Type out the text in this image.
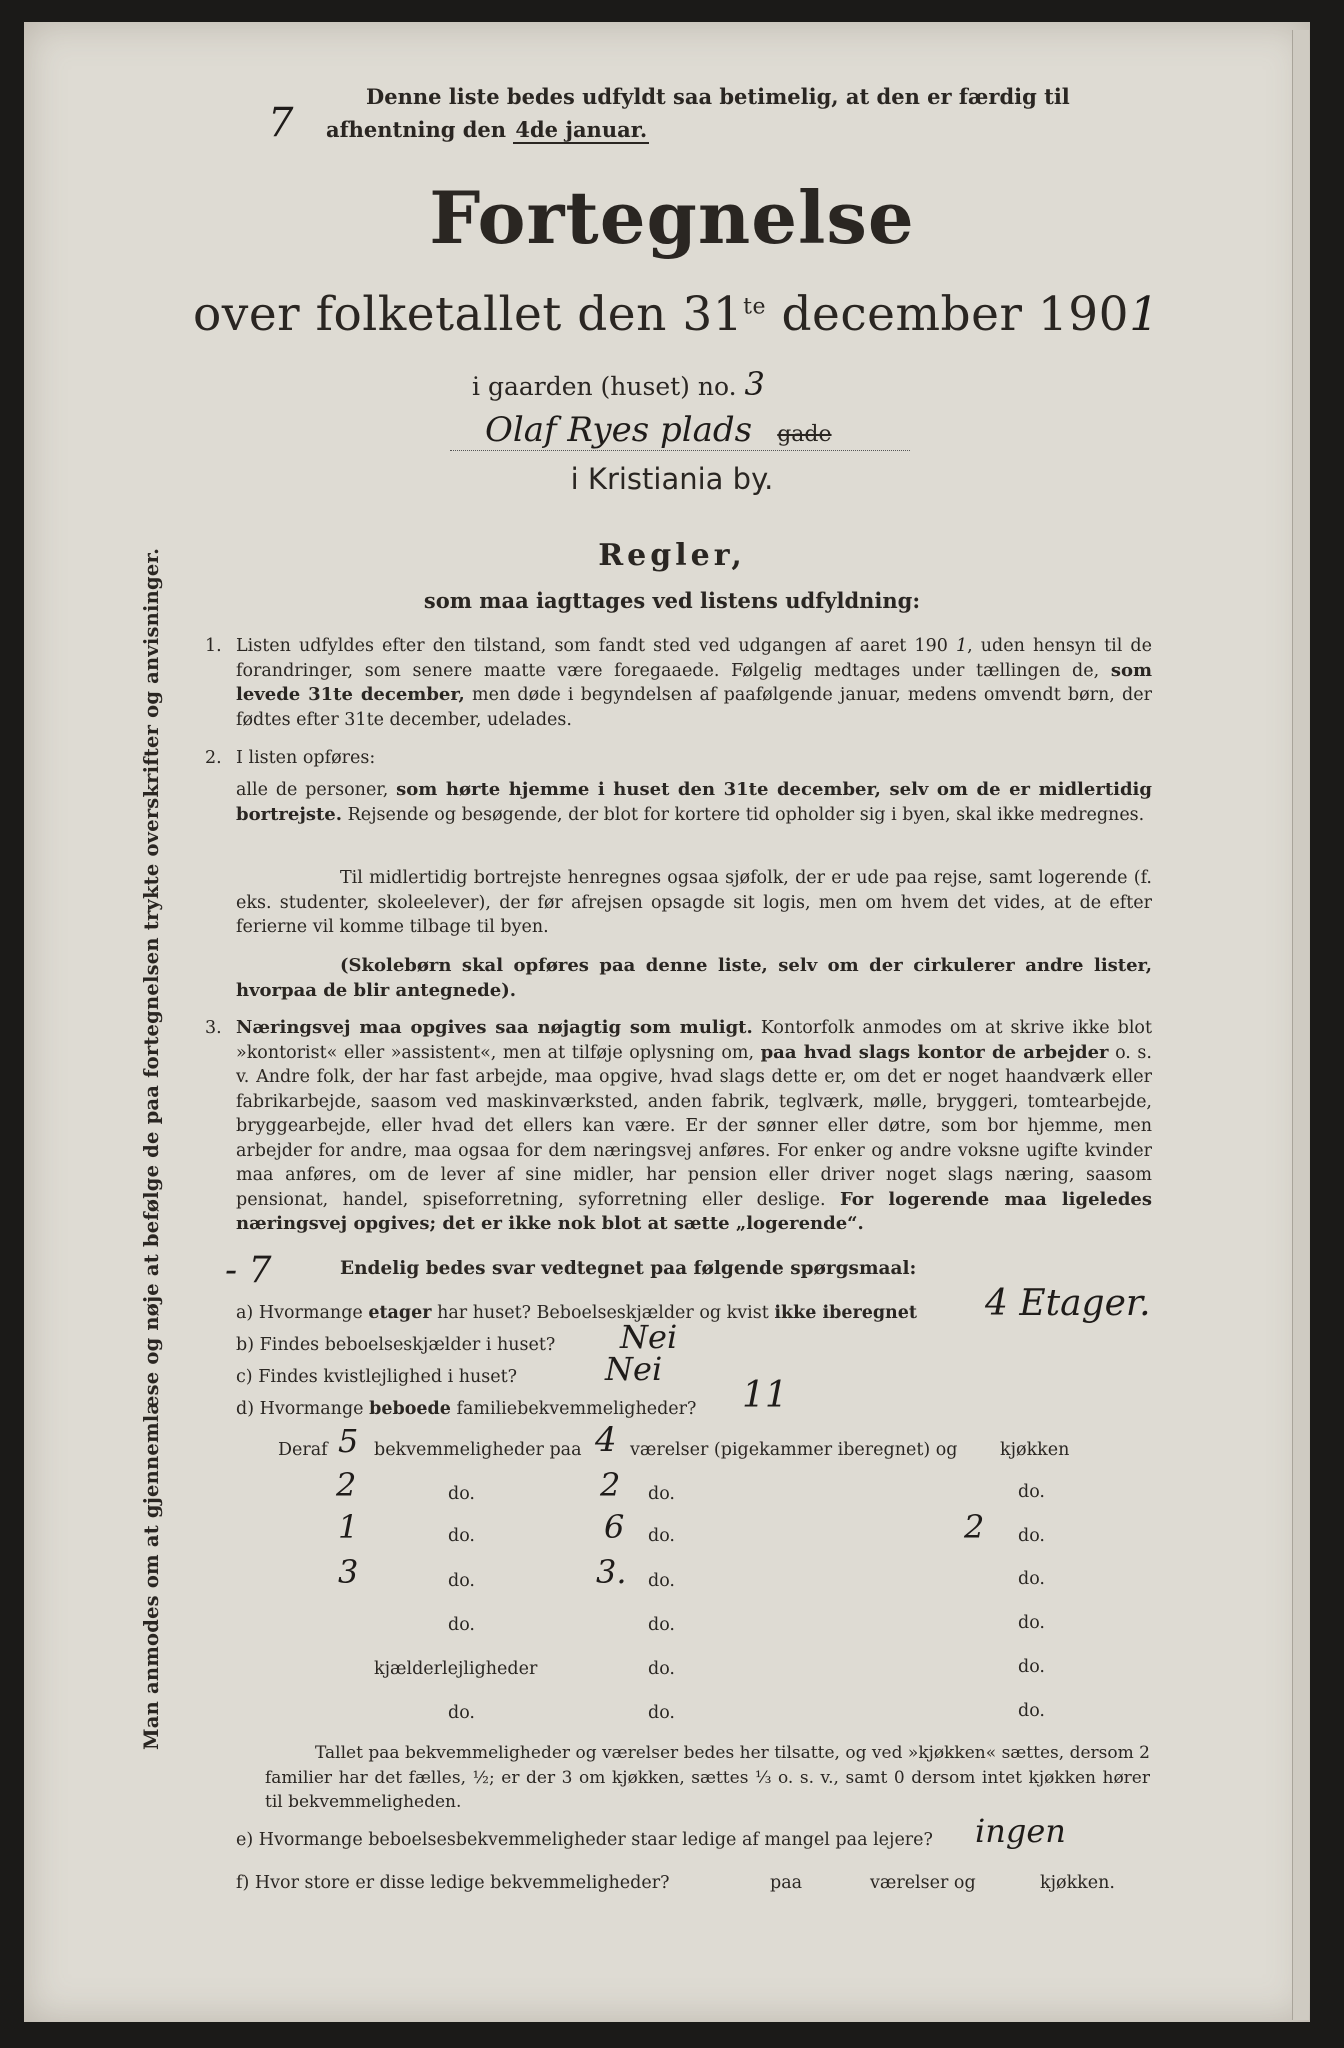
Denne liste bedes udfyldt saa betimelig, at den er færdig til
afhentning den 4de januar.
7
Fortegnelse
over folketallet den $31^{te}$ december 1901
i gaarden (huset) no. 3
Olaf Ryes plads gade
i Kristiania by.
Regler,
som maa iagttages ved listens udfyldning:
1. Listen udfyldes efter den tilstand, som fandt sted ved udgangen af aaret 190 1, uden hensyn til de forandringer, som senere maatte være foregaaede. Følgelig medtages under tællingen de, som levede 31te december, men døde i begyndelsen af paafølgende januar, medens omvendt børn, der fødtes efter 31te december, udelades.
2. I listen opføres:
alle de personer, som hørte hjemme i huset den 31te december, selv om de er midlertidig bortrejste. Rejsende og besøgende, der blot for kortere tid opholder sig i byen, skal ikke medregnes.
Til midlertidig bortrejste henregnes ogsaa sjøfolk, der er ude paa rejse, samt logerende (f. eks. studenter, skoleelever), der før afrejsen opsagde sit logis, men om hvem det vides, at de efter ferierne vil komme tilbage til byen.
(Skolebørn skal opføres paa denne liste, selv om der cirkulerer andre lister, hvorpaa de blir antegnede).
3. Næringsvej maa opgives saa nøjagtig som muligt. Kontorfolk anmodes om at skrive ikke blot »kontorist« eller »assistent«, men at tilføje oplysning om, paa hvad slags kontor de arbejder o. s. v. Andre folk, der har fast arbejde, maa opgive, hvad slags dette er, om det er noget haandværk eller fabrikarbejde, saasom ved maskinværksted, anden fabrik, teglværk, mølle, bryggeri, tomtearbejde, bryggearbejde, eller hvad det ellers kan være. Er der sønner eller døtre, som bor hjemme, men arbejder for andre, maa ogsaa for dem næringsvej anføres. For enker og andre voksne ugifte kvinder maa anføres, om de lever af sine midler, har pension eller driver noget slags næring, saasom pensionat, handel, spiseforretning, syforretning eller deslige. For logerende maa ligeledes næringsvej opgives; det er ikke nok blot at sætte „logerende“.
Endelig bedes svar vedtegnet paa følgende spørgsmaal:
- 7
a) Hvormange etager har huset? Beboelseskjælder og kvist ikke iberegnet 4 Etager.
b) Findes beboelseskjælder i huset? Nei
c) Findes kvistlejlighed i huset?	Nei
d) Hvormange beboede familiebekvemmeligheder? 11
Deraf 5 bekvemmeligheder paa 4 værelser (pigekammer iberegnet) og kjøkken
2	do.	2 do.	do.
1	do.	6 do.	2 do.
3	do.	3. do.	do.
do.	do.	do.
kjælderlejligheder	do.	do.
do.	do.	do.
Tallet paa bekvemmeligheder og værelser bedes her tilsatte, og ved »kjøkken« sættes, dersom 2 familier har det fælles, ½; er der 3 om kjøkken, sættes ⅓ o. s. v., samt 0 dersom intet kjøkken hører til bekvemmeligheden.
e) Hvormange beboelsesbekvemmeligheder staar ledige af mangel paa lejere? ingen
f) Hvor store er disse ledige bekvemmeligheder?	paa	værelser og	kjøkken.
Man anmodes om at gjennemlæse og nøje at befølge de paa fortegnelsen trykte overskrifter og anvisninger.
